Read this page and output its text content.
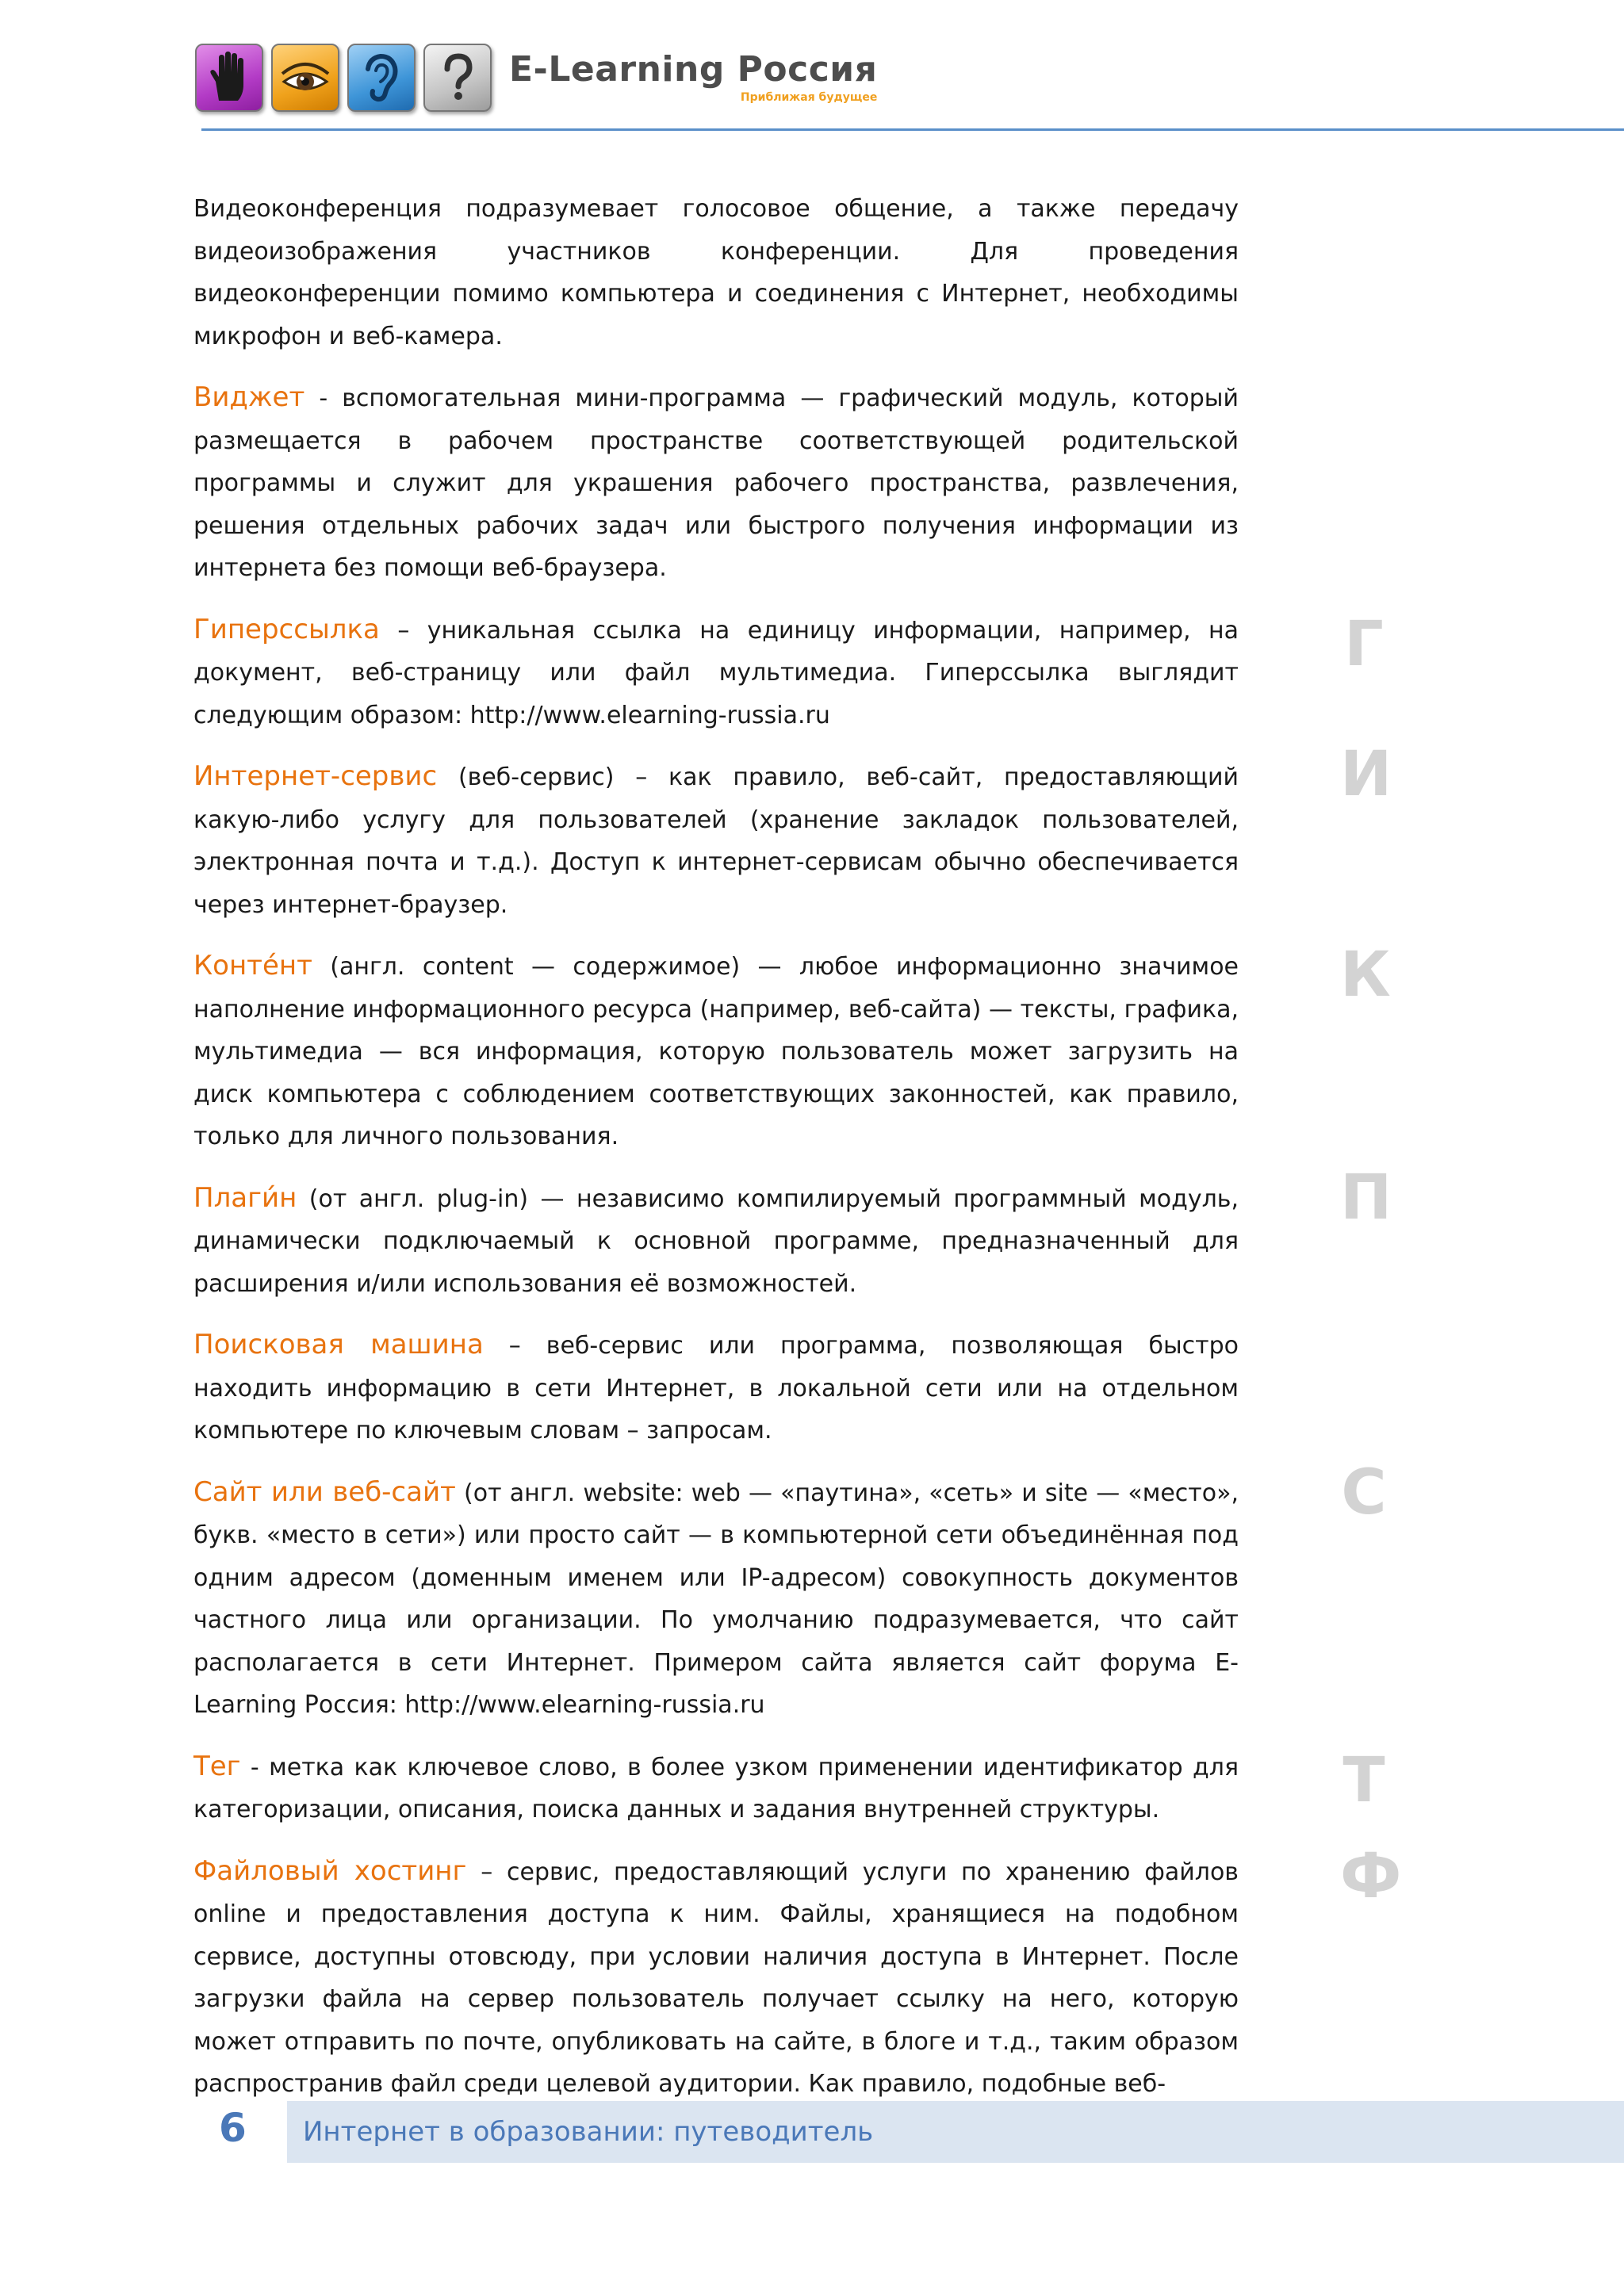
E-Learning Россия
Приближая будущее

Видеоконференция подразумевает голосовое общение, а также передачу видеоизображения участников конференции. Для проведения видеоконференции помимо компьютера и соединения с Интернет, необходимы микрофон и веб-камера.

Виджет - вспомогательная мини-программа — графический модуль, который размещается в рабочем пространстве соответствующей родительской программы и служит для украшения рабочего пространства, развлечения, решения отдельных рабочих задач или быстрого получения информации из интернета без помощи веб-браузера.

Гиперссылка – уникальная ссылка на единицу информации, например, на документ, веб-страницу или файл мультимедиа. Гиперссылка выглядит следующим образом: http://www.elearning-russia.ru

Интернет-сервис (веб-сервис) – как правило, веб-сайт, предоставляющий какую-либо услугу для пользователей (хранение закладок пользователей, электронная почта и т.д.). Доступ к интернет-сервисам обычно обеспечивается через интернет-браузер.

Конте́нт (англ. content — содержимое) — любое информационно значимое наполнение информационного ресурса (например, веб-сайта) — тексты, графика, мультимедиа — вся информация, которую пользователь может загрузить на диск компьютера с соблюдением соответствующих законностей, как правило, только для личного пользования.

Плаги́н (от англ. plug-in) — независимо компилируемый программный модуль, динамически подключаемый к основной программе, предназначенный для расширения и/или использования её возможностей.

Поисковая машина – веб-сервис или программа, позволяющая быстро находить информацию в сети Интернет, в локальной сети или на отдельном компьютере по ключевым словам – запросам.

Сайт или веб-сайт (от англ. website: web — «паутина», «сеть» и site — «место», букв. «место в сети») или просто сайт — в компьютерной сети объединённая под одним адресом (доменным именем или IP-адресом) совокупность документов частного лица или организации. По умолчанию подразумевается, что сайт располагается в сети Интернет. Примером сайта является сайт форума E-Learning Россия: http://www.elearning-russia.ru

Тег - метка как ключевое слово, в более узком применении идентификатор для категоризации, описания, поиска данных и задания внутренней структуры.

Файловый хостинг – сервис, предоставляющий услуги по хранению файлов online и предоставления доступа к ним. Файлы, хранящиеся на подобном сервисе, доступны отовсюду, при условии наличия доступа в Интернет. После загрузки файла на сервер пользователь получает ссылку на него, которую может отправить по почте, опубликовать на сайте, в блоге и т.д., таким образом распространив файл среди целевой аудитории. Как правило, подобные веб-

Г
И
К
П
С
Т
Ф
6 Интернет в образовании: путеводитель
